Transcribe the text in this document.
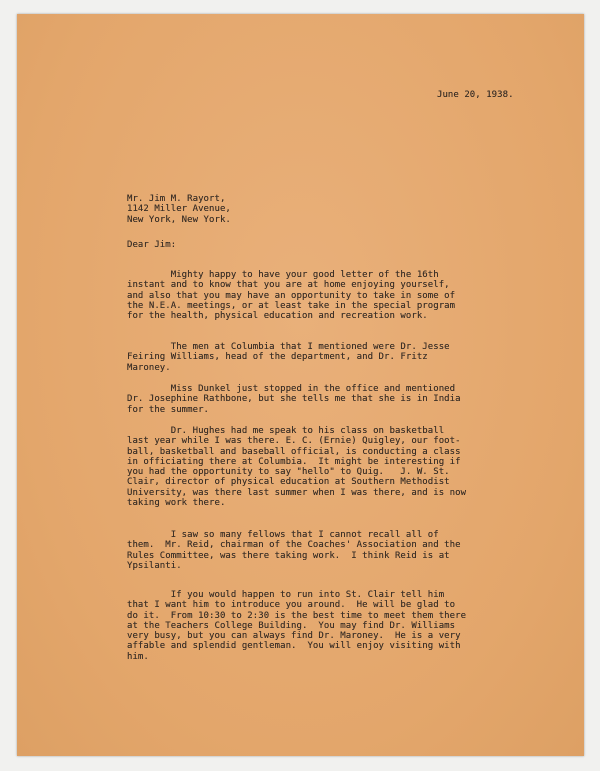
June 20, 1938.

Mr. Jim M. Rayort,
1142 Miller Avenue,
New York, New York.

Dear Jim:

Mighty happy to have your good letter of the 16th
instant and to know that you are at home enjoying yourself,
and also that you may have an opportunity to take in some of
the N.E.A. meetings, or at least take in the special program
for the health, physical education and recreation work.

The men at Columbia that I mentioned were Dr. Jesse
Feiring Williams, head of the department, and Dr. Fritz
Maroney.

Miss Dunkel just stopped in the office and mentioned
Dr. Josephine Rathbone, but she tells me that she is in India
for the summer.

Dr. Hughes had me speak to his class on basketball
last year while I was there. E. C. (Ernie) Quigley, our foot-
ball, basketball and baseball official, is conducting a class
in officiating there at Columbia.  It might be interesting if
you had the opportunity to say "hello" to Quig.   J. W. St.
Clair, director of physical education at Southern Methodist
University, was there last summer when I was there, and is now
taking work there.

I saw so many fellows that I cannot recall all of
them.  Mr. Reid, chairman of the Coaches' Association and the
Rules Committee, was there taking work.  I think Reid is at
Ypsilanti.

If you would happen to run into St. Clair tell him
that I want him to introduce you around.  He will be glad to
do it.  From 10:30 to 2:30 is the best time to meet them there
at the Teachers College Building.  You may find Dr. Williams
very busy, but you can always find Dr. Maroney.  He is a very
affable and splendid gentleman.  You will enjoy visiting with
him.
